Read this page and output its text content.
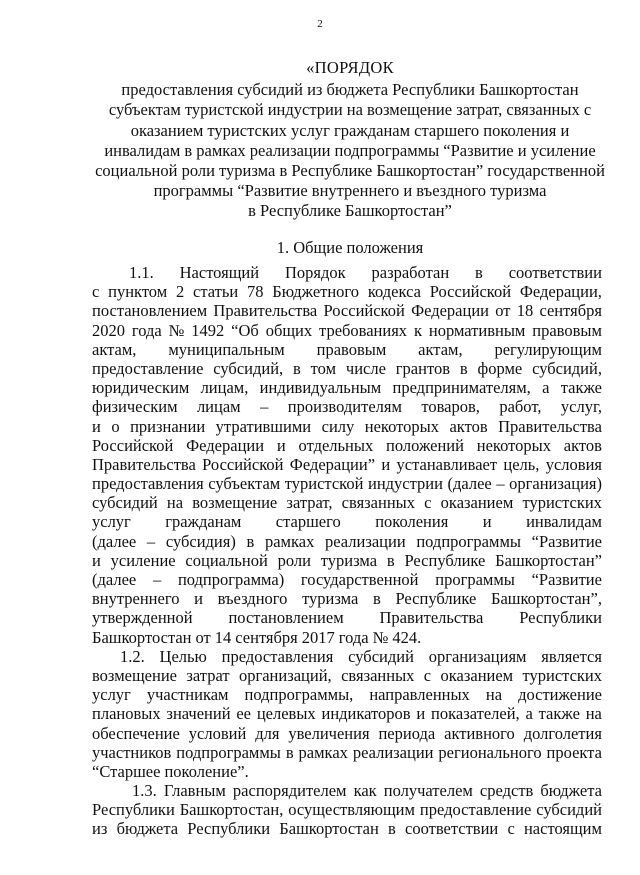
2
«ПОРЯДОК
предоставления субсидий из бюджета Республики Башкортостан
субъектам туристской индустрии на возмещение затрат, связанных с
оказанием туристских услуг гражданам старшего поколения и
инвалидам в рамках реализации подпрограммы “Развитие и усиление
социальной роли туризма в Республике Башкортостан” государственной
программы “Развитие внутреннего и въездного туризма
в Республике Башкортостан”
1. Общие положения
1.1. Настоящий Порядок разработан в соответствии
с пунктом 2 статьи 78 Бюджетного кодекса Российской Федерации,
постановлением Правительства Российской Федерации от 18 сентября
2020 года № 1492 “Об общих требованиях к нормативным правовым
актам, муниципальным правовым актам, регулирующим
предоставление субсидий, в том числе грантов в форме субсидий,
юридическим лицам, индивидуальным предпринимателям, а также
физическим лицам – производителям товаров, работ, услуг,
и о признании утратившими силу некоторых актов Правительства
Российской Федерации и отдельных положений некоторых актов
Правительства Российской Федерации” и устанавливает цель, условия
предоставления субъектам туристской индустрии (далее – организация)
субсидий на возмещение затрат, связанных с оказанием туристских
услуг гражданам старшего поколения и инвалидам
(далее – субсидия) в рамках реализации подпрограммы “Развитие
и усиление социальной роли туризма в Республике Башкортостан”
(далее – подпрограмма) государственной программы “Развитие
внутреннего и въездного туризма в Республике Башкортостан”,
утвержденной постановлением Правительства Республики
Башкортостан от 14 сентября 2017 года № 424.
1.2. Целью предоставления субсидий организациям является
возмещение затрат организаций, связанных с оказанием туристских
услуг участникам подпрограммы, направленных на достижение
плановых значений ее целевых индикаторов и показателей, а также на
обеспечение условий для увеличения периода активного долголетия
участников подпрограммы в рамках реализации регионального проекта
“Старшее поколение”.
1.3. Главным распорядителем как получателем средств бюджета
Республики Башкортостан, осуществляющим предоставление субсидий
из бюджета Республики Башкортостан в соответствии с настоящим
